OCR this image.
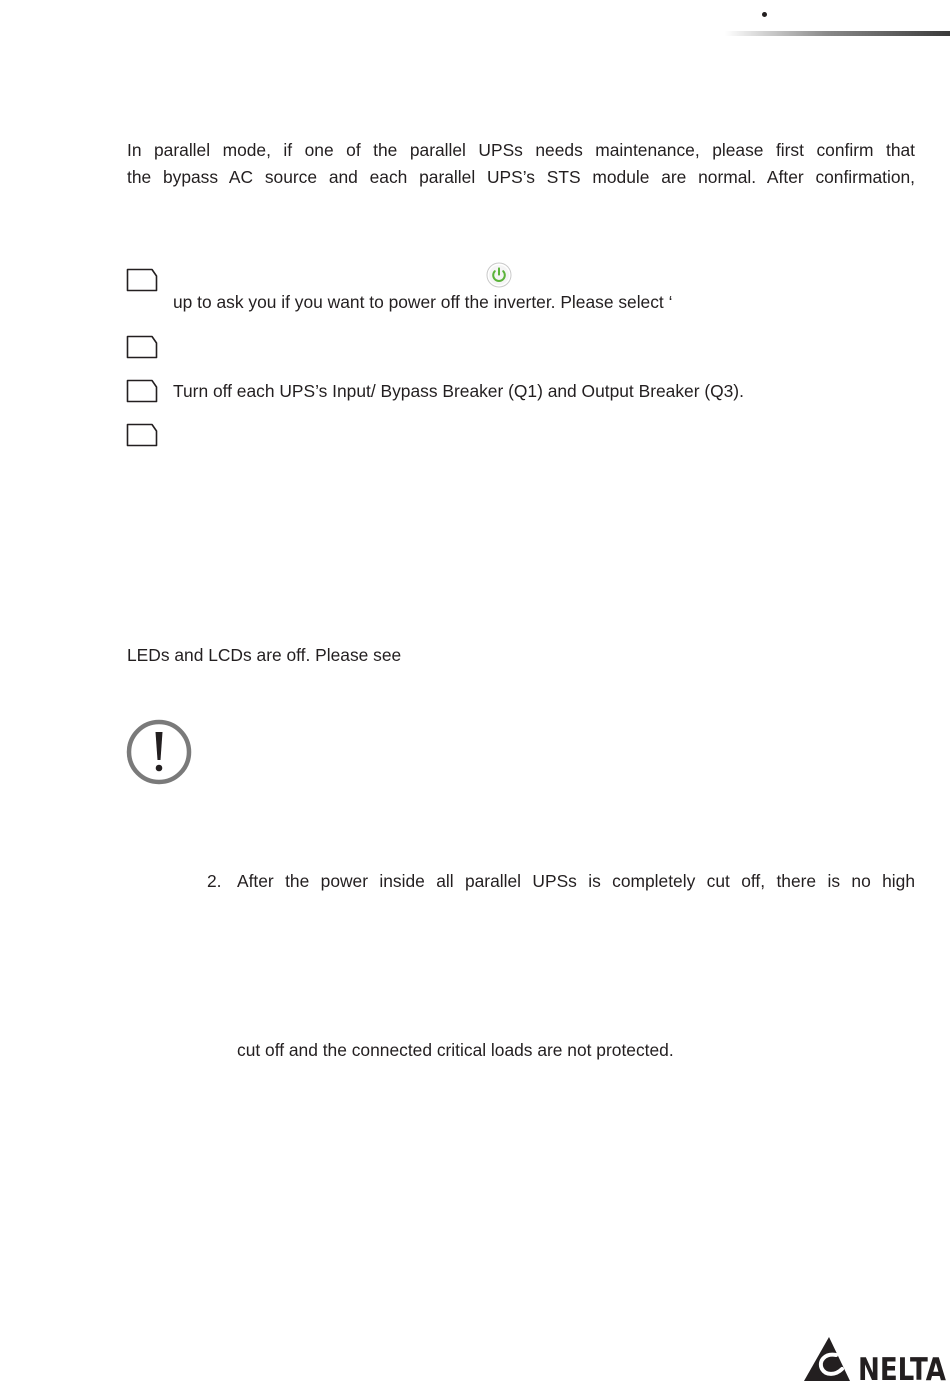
In parallel mode, if one of the parallel UPSs needs maintenance, please first confirm that
the bypass AC source and each parallel UPS’s STS module are normal. After confirmation,
up to ask you if you want to power off the inverter. Please select ‘
Turn off each UPS’s Input/ Bypass Breaker (Q1) and Output Breaker (Q3).
LEDs and LCDs are off. Please see
2. After the power inside all parallel UPSs is completely cut off, there is no high
cut off and the connected critical loads are not protected.
NELTA
